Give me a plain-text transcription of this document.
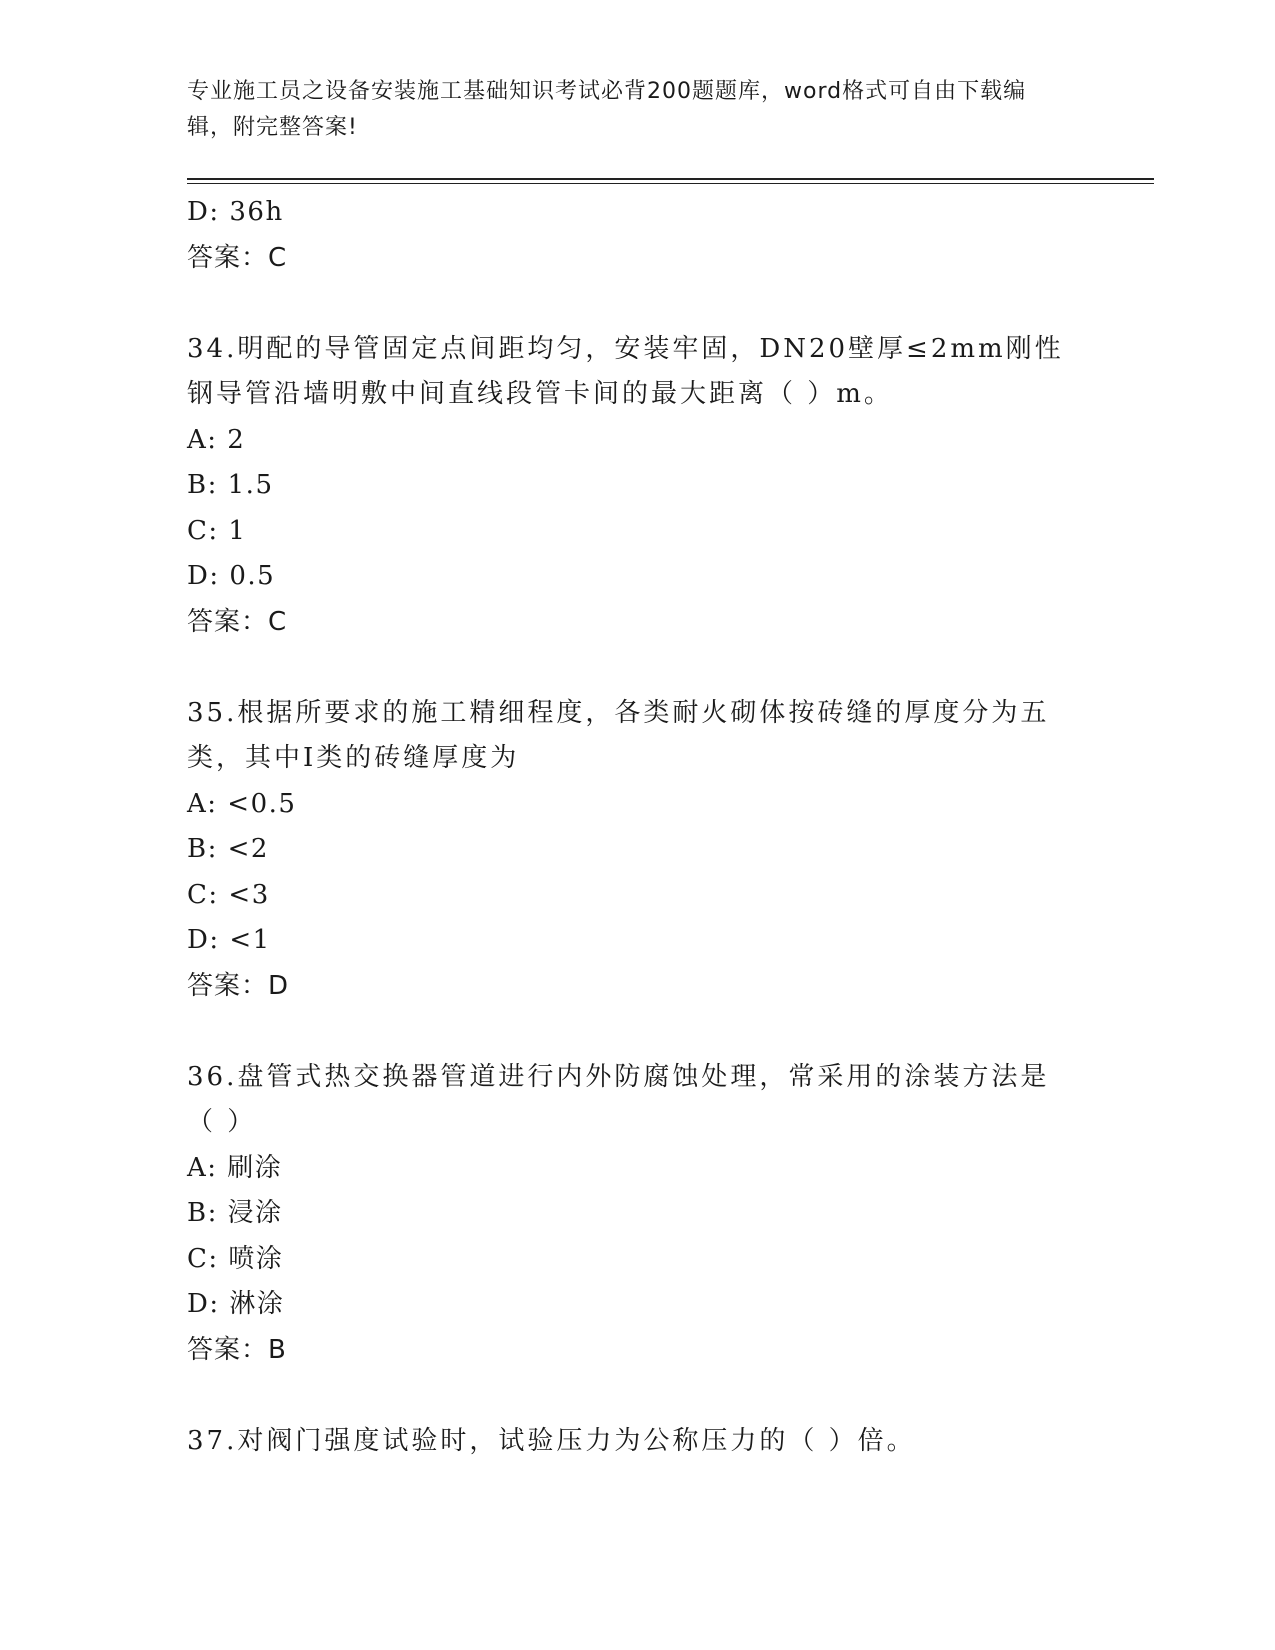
专业施工员之设备安装施工基础知识考试必背200题题库，word格式可自由下载编辑，附完整答案!
D: 36h
答案：C
34.明配的导管固定点间距均匀，安装牢固，DN20壁厚≤2mm刚性钢导管沿墙明敷中间直线段管卡间的最大距离（ ）m。
A: 2
B: 1.5
C: 1
D: 0.5
答案：C
35.根据所要求的施工精细程度，各类耐火砌体按砖缝的厚度分为五类，其中I类的砖缝厚度为
A: <0.5
B: <2
C: <3
D: <1
答案：D
36.盘管式热交换器管道进行内外防腐蚀处理，常采用的涂装方法是（ ）
A: 刷涂
B: 浸涂
C: 喷涂
D: 淋涂
答案：B
37.对阀门强度试验时，试验压力为公称压力的（ ）倍。
